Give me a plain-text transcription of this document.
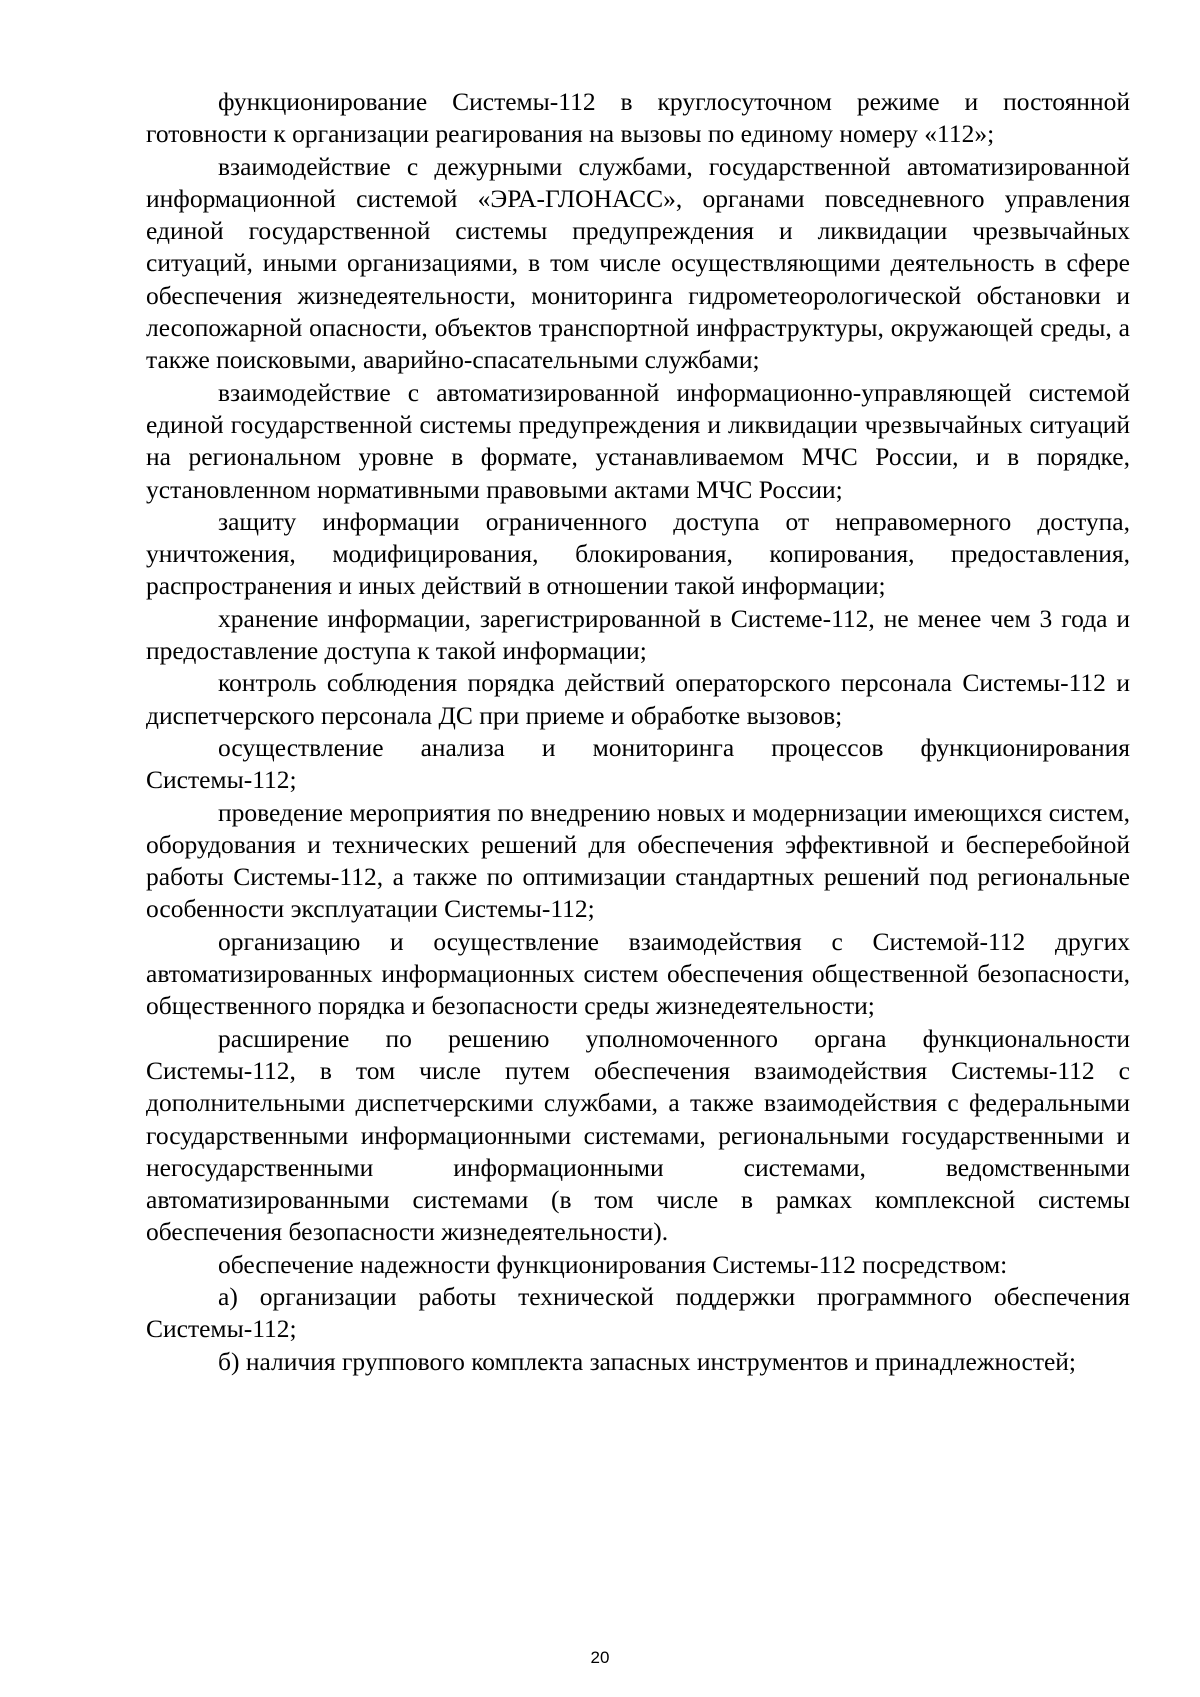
функционирование Системы-112 в круглосуточном режиме и постоянной готовности к организации реагирования на вызовы по единому номеру «112»;

взаимодействие с дежурными службами, государственной автоматизированной информационной системой «ЭРА-ГЛОНАСС», органами повседневного управления единой государственной системы предупреждения и ликвидации чрезвычайных ситуаций, иными организациями, в том числе осуществляющими деятельность в сфере обеспечения жизнедеятельности, мониторинга гидрометеорологической обстановки и лесопожарной опасности, объектов транспортной инфраструктуры, окружающей среды, а также поисковыми, аварийно-спасательными службами;

взаимодействие с автоматизированной информационно-управляющей системой единой государственной системы предупреждения и ликвидации чрезвычайных ситуаций на региональном уровне в формате, устанавливаемом МЧС России, и в порядке, установленном нормативными правовыми актами МЧС России;

защиту информации ограниченного доступа от неправомерного доступа, уничтожения, модифицирования, блокирования, копирования, предоставления, распространения и иных действий в отношении такой информации;

хранение информации, зарегистрированной в Системе-112, не менее чем 3 года и предоставление доступа к такой информации;

контроль соблюдения порядка действий операторского персонала Системы-112 и диспетчерского персонала ДС при приеме и обработке вызовов;

осуществление анализа и мониторинга процессов функционирования Системы-112;

проведение мероприятия по внедрению новых и модернизации имеющихся систем, оборудования и технических решений для обеспечения эффективной и бесперебойной работы Системы-112, а также по оптимизации стандартных решений под региональные особенности эксплуатации Системы-112;

организацию и осуществление взаимодействия с Системой-112 других автоматизированных информационных систем обеспечения общественной безопасности, общественного порядка и безопасности среды жизнедеятельности;

расширение по решению уполномоченного органа функциональности Системы-112, в том числе путем обеспечения взаимодействия Системы-112 с дополнительными диспетчерскими службами, а также взаимодействия с федеральными государственными информационными системами, региональными государственными и негосударственными информационными системами, ведомственными автоматизированными системами (в том числе в рамках комплексной системы обеспечения безопасности жизнедеятельности).

обеспечение надежности функционирования Системы-112 посредством:

а) организации работы технической поддержки программного обеспечения Системы-112;

б) наличия группового комплекта запасных инструментов и принадлежностей;

20
